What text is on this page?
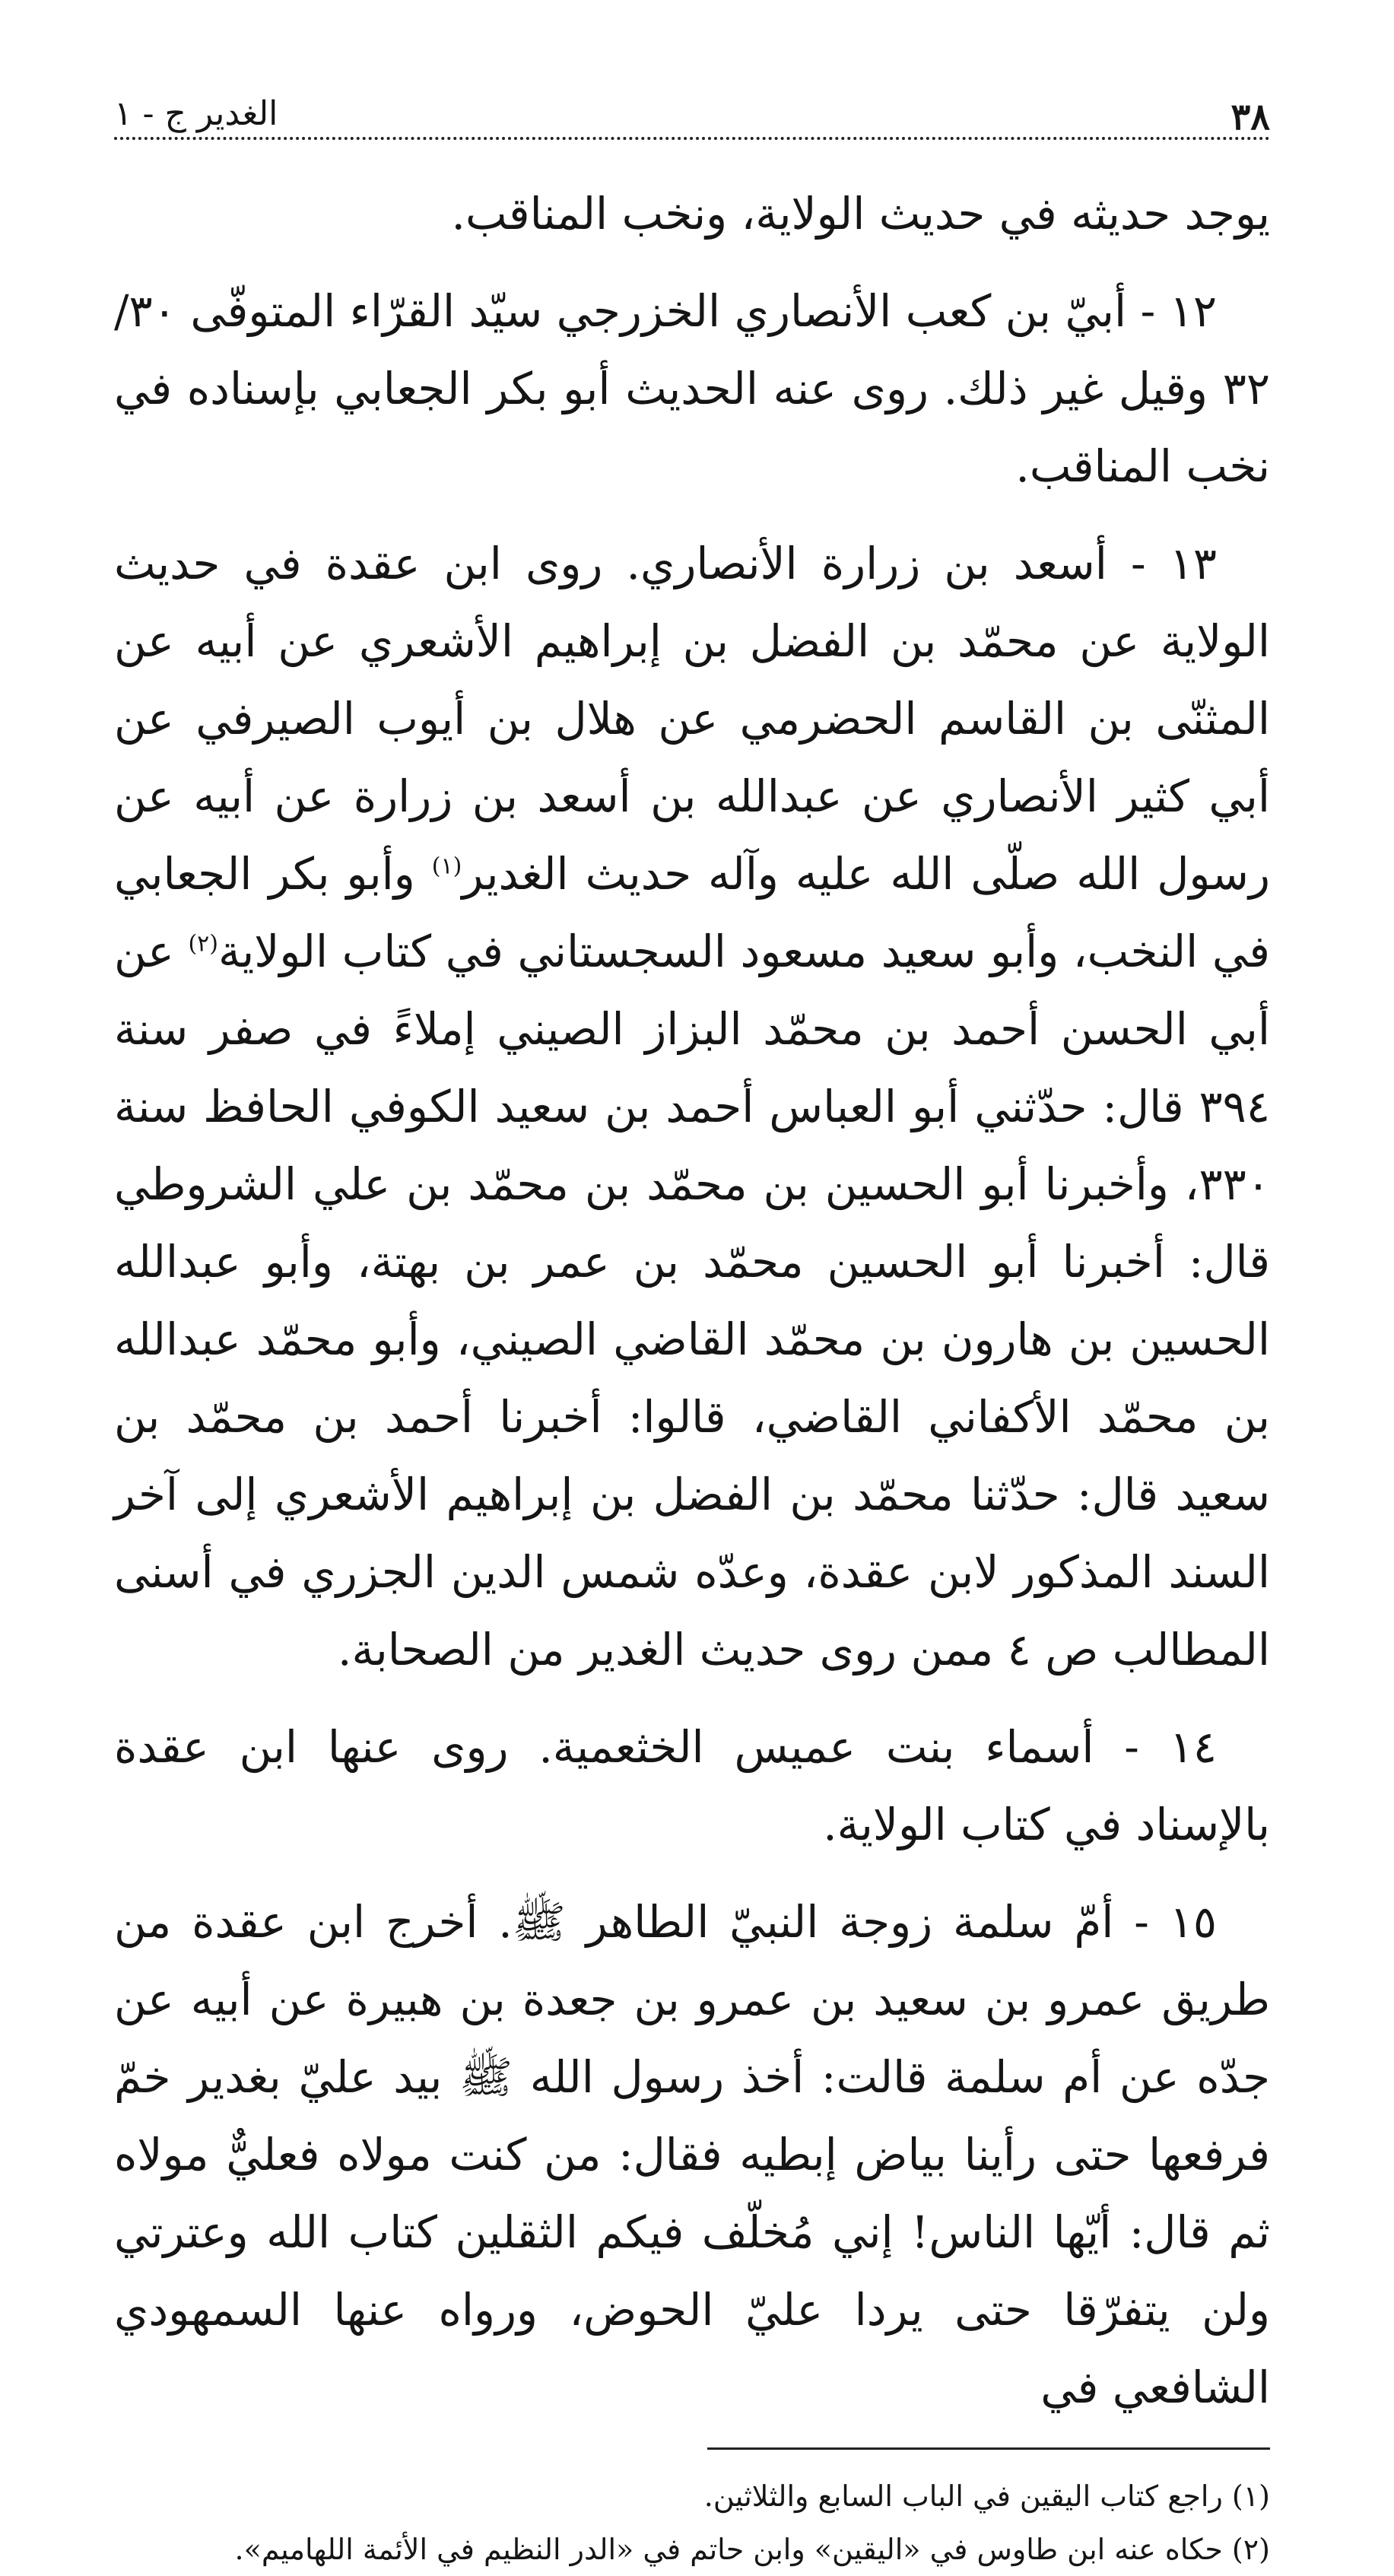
٣٨
الغدير ج - ١

يوجد حديثه في حديث الولاية، ونخب المناقب.

١٢ - أبيّ بن كعب الأنصاري الخزرجي سيّد القرّاء المتوفّى ٣٠/ ٣٢ وقيل غير ذلك. روى عنه الحديث أبو بكر الجعابي بإسناده في نخب المناقب.

١٣ - أسعد بن زرارة الأنصاري. روى ابن عقدة في حديث الولاية عن محمّد بن الفضل بن إبراهيم الأشعري عن أبيه عن المثنّى بن القاسم الحضرمي عن هلال بن أيوب الصيرفي عن أبي كثير الأنصاري عن عبدالله بن أسعد بن زرارة عن أبيه عن رسول الله صلّى الله عليه وآله حديث الغدير$^{(١)}$ وأبو بكر الجعابي في النخب، وأبو سعيد مسعود السجستاني في كتاب الولاية$^{(٢)}$ عن أبي الحسن أحمد بن محمّد البزاز الصيني إملاءً في صفر سنة ٣٩٤ قال: حدّثني أبو العباس أحمد بن سعيد الكوفي الحافظ سنة ٣٣٠، وأخبرنا أبو الحسين بن محمّد بن محمّد بن علي الشروطي قال: أخبرنا أبو الحسين محمّد بن عمر بن بهتة، وأبو عبدالله الحسين بن هارون بن محمّد القاضي الصيني، وأبو محمّد عبدالله بن محمّد الأكفاني القاضي، قالوا: أخبرنا أحمد بن محمّد بن سعيد قال: حدّثنا محمّد بن الفضل بن إبراهيم الأشعري إلى آخر السند المذكور لابن عقدة، وعدّه شمس الدين الجزري في أسنى المطالب ص ٤ ممن روى حديث الغدير من الصحابة.

١٤ - أسماء بنت عميس الخثعمية. روى عنها ابن عقدة بالإسناد في كتاب الولاية.

١٥ - أمّ سلمة زوجة النبيّ الطاهر ﷺ. أخرج ابن عقدة من طريق عمرو بن سعيد بن عمرو بن جعدة بن هبيرة عن أبيه عن جدّه عن أم سلمة قالت: أخذ رسول الله ﷺ بيد عليّ بغدير خمّ فرفعها حتى رأينا بياض إبطيه فقال: من كنت مولاه فعليٌّ مولاه ثم قال: أيّها الناس! إني مُخلّف فيكم الثقلين كتاب الله وعترتي ولن يتفرّقا حتى يردا عليّ الحوض، ورواه عنها السمهودي الشافعي في

(١) راجع كتاب اليقين في الباب السابع والثلاثين.

(٢) حكاه عنه ابن طاوس في «اليقين» وابن حاتم في «الدر النظيم في الأئمة اللهاميم».
